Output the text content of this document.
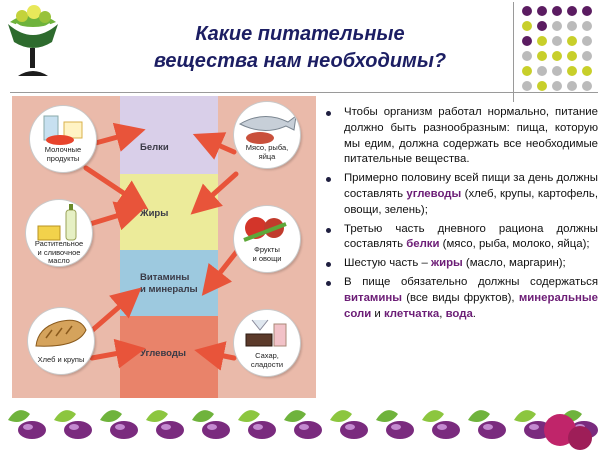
Какие питательные
вещества нам необходимы?
Белки
Жиры
Витамины
и минералы
Углеводы
Молочные
продукты
Растительное
и сливочное
масло
Хлеб и крупы
Мясо, рыба,
яйца
Фрукты
и овощи
Сахар,
сладости
Чтобы организм работал нормально, питание должно быть разнообразным: пища, которую мы едим, должна содержать все необходимые питательные вещества.
Примерно половину всей пищи за день должны составлять углеводы (хлеб, крупы, картофель, овощи, зелень);
Третью часть дневного рациона должны составлять белки (мясо, рыба, молоко, яйца);
Шестую часть – жиры (масло, маргарин);
В пище обязательно должны содержаться витамины (все виды фруктов), минеральные соли и клетчатка, вода.
